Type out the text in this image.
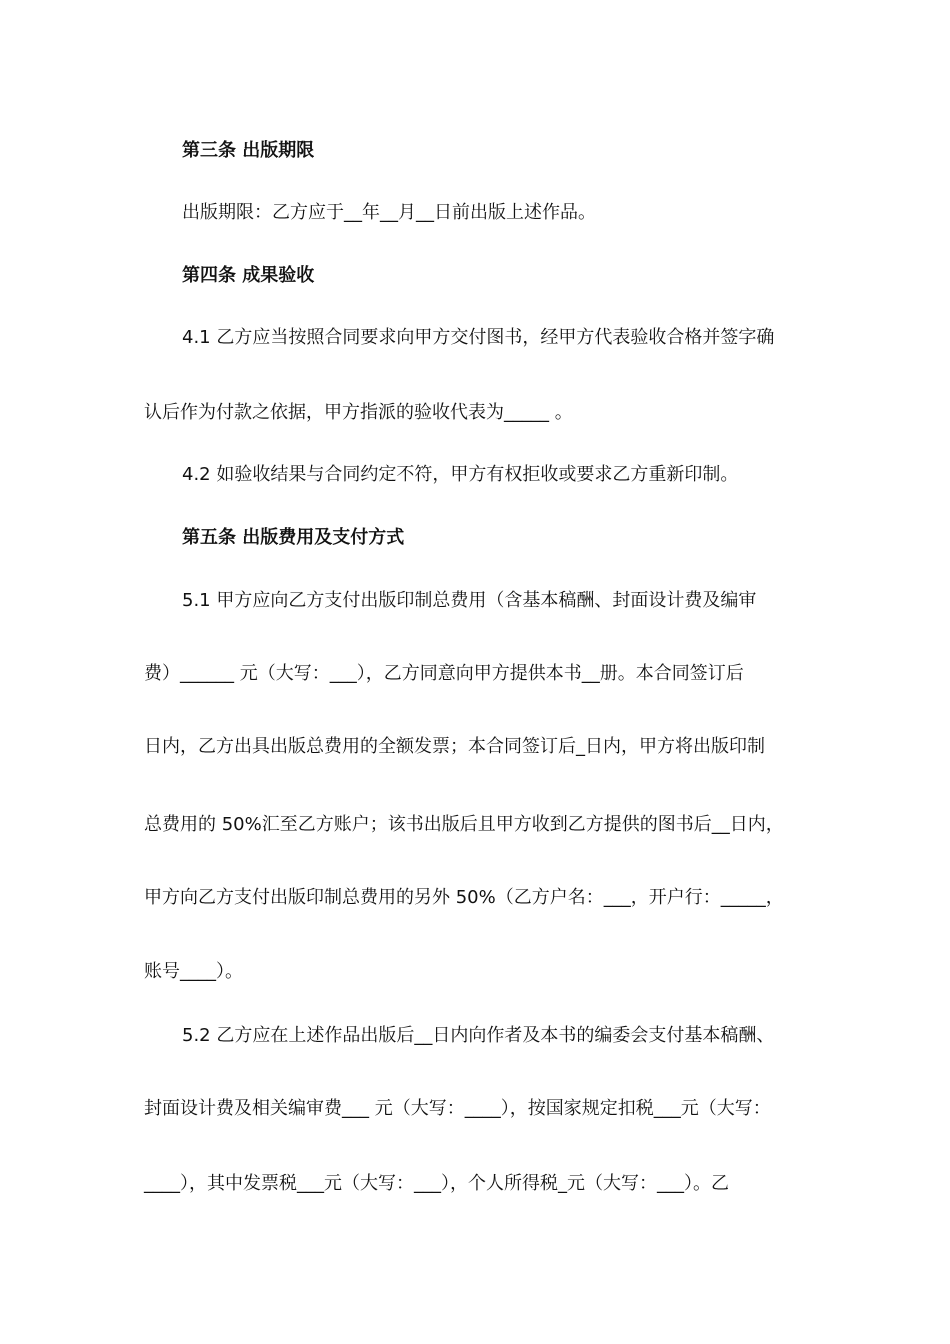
第三条 出版期限
出版期限：乙方应于__年__月__日前出版上述作品。
第四条 成果验收
4.1 乙方应当按照合同要求向甲方交付图书，经甲方代表验收合格并签字确
认后作为付款之依据，甲方指派的验收代表为_____ 。
4.2 如验收结果与合同约定不符，甲方有权拒收或要求乙方重新印制。
第五条 出版费用及支付方式
5.1 甲方应向乙方支付出版印制总费用（含基本稿酬、封面设计费及编审
费）______ 元（大写：___），乙方同意向甲方提供本书__册。本合同签订后
日内，乙方出具出版总费用的全额发票；本合同签订后_日内，甲方将出版印制
总费用的 50%汇至乙方账户；该书出版后且甲方收到乙方提供的图书后__日内，
甲方向乙方支付出版印制总费用的另外 50%（乙方户名：___，开户行：_____，
账号____）。
5.2 乙方应在上述作品出版后__日内向作者及本书的编委会支付基本稿酬、
封面设计费及相关编审费___ 元（大写：____），按国家规定扣税___元（大写：
____），其中发票税___元（大写：___），个人所得税_元（大写：___）。乙
